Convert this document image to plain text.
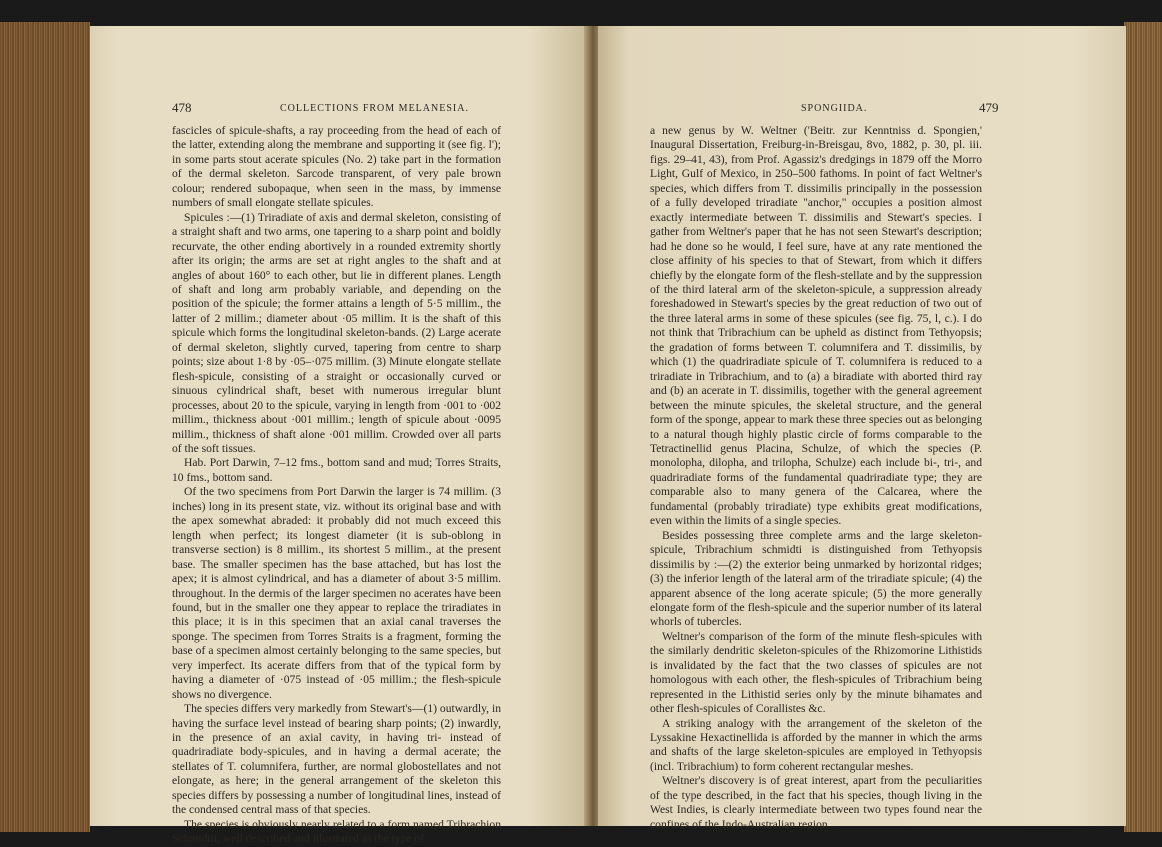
478	COLLECTIONS FROM MELANESIA.

fascicles of spicule-shafts, a ray proceeding from the head of each of the latter, extending along the membrane and supporting it (see fig. l'); in some parts stout acerate spicules (No. 2) take part in the formation of the dermal skeleton. Sarcode transparent, of very pale brown colour; rendered subopaque, when seen in the mass, by immense numbers of small elongate stellate spicules.

Spicules :—(1) Triradiate of axis and dermal skeleton, consisting of a straight shaft and two arms, one tapering to a sharp point and boldly recurvate, the other ending abortively in a rounded extremity shortly after its origin; the arms are set at right angles to the shaft and at angles of about 160° to each other, but lie in different planes. Length of shaft and long arm probably variable, and depending on the position of the spicule; the former attains a length of 5·5 millim., the latter of 2 millim.; diameter about ·05 millim. It is the shaft of this spicule which forms the longitudinal skeleton-bands. (2) Large acerate of dermal skeleton, slightly curved, tapering from centre to sharp points; size about 1·8 by ·05–·075 millim. (3) Minute elongate stellate flesh-spicule, consisting of a straight or occasionally curved or sinuous cylindrical shaft, beset with numerous irregular blunt processes, about 20 to the spicule, varying in length from ·001 to ·002 millim., thickness about ·001 millim.; length of spicule about ·0095 millim., thickness of shaft alone ·001 millim. Crowded over all parts of the soft tissues.

Hab. Port Darwin, 7–12 fms., bottom sand and mud; Torres Straits, 10 fms., bottom sand.

Of the two specimens from Port Darwin the larger is 74 millim. (3 inches) long in its present state, viz. without its original base and with the apex somewhat abraded: it probably did not much exceed this length when perfect; its longest diameter (it is sub-oblong in transverse section) is 8 millim., its shortest 5 millim., at the present base. The smaller specimen has the base attached, but has lost the apex; it is almost cylindrical, and has a diameter of about 3·5 millim. throughout. In the dermis of the larger specimen no acerates have been found, but in the smaller one they appear to replace the triradiates in this place; it is in this specimen that an axial canal traverses the sponge. The specimen from Torres Straits is a fragment, forming the base of a specimen almost certainly belonging to the same species, but very imperfect. Its acerate differs from that of the typical form by having a diameter of ·075 instead of ·05 millim.; the flesh-spicule shows no divergence.

The species differs very markedly from Stewart's—(1) outwardly, in having the surface level instead of bearing sharp points; (2) inwardly, in the presence of an axial cavity, in having tri- instead of quadriradiate body-spicules, and in having a dermal acerate; the stellates of T. columnifera, further, are normal globostellates and not elongate, as here; in the general arrangement of the skeleton this species differs by possessing a number of longitudinal lines, instead of the condensed central mass of that species.

The species is obviously nearly related to a form named Tribrachion Schmidtii, well described and illustrated as the type of

SPONGIIDA.	479

a new genus by W. Weltner ('Beitr. zur Kenntniss d. Spongien,' Inaugural Dissertation, Freiburg-in-Breisgau, 8vo, 1882, p. 30, pl. iii. figs. 29–41, 43), from Prof. Agassiz's dredgings in 1879 off the Morro Light, Gulf of Mexico, in 250–500 fathoms. In point of fact Weltner's species, which differs from T. dissimilis principally in the possession of a fully developed triradiate "anchor," occupies a position almost exactly intermediate between T. dissimilis and Stewart's species. I gather from Weltner's paper that he has not seen Stewart's description; had he done so he would, I feel sure, have at any rate mentioned the close affinity of his species to that of Stewart, from which it differs chiefly by the elongate form of the flesh-stellate and by the suppression of the third lateral arm of the skeleton-spicule, a suppression already foreshadowed in Stewart's species by the great reduction of two out of the three lateral arms in some of these spicules (see fig. 75, l, c.). I do not think that Tribrachium can be upheld as distinct from Tethyopsis; the gradation of forms between T. columnifera and T. dissimilis, by which (1) the quadriradiate spicule of T. columnifera is reduced to a triradiate in Tribrachium, and to (a) a biradiate with aborted third ray and (b) an acerate in T. dissimilis, together with the general agreement between the minute spicules, the skeletal structure, and the general form of the sponge, appear to mark these three species out as belonging to a natural though highly plastic circle of forms comparable to the Tetractinellid genus Placina, Schulze, of which the species (P. monolopha, dilopha, and trilopha, Schulze) each include bi-, tri-, and quadriradiate forms of the fundamental quadriradiate type; they are comparable also to many genera of the Calcarea, where the fundamental (probably triradiate) type exhibits great modifications, even within the limits of a single species.

Besides possessing three complete arms and the large skeleton-spicule, Tribrachium schmidti is distinguished from Tethyopsis dissimilis by :—(2) the exterior being unmarked by horizontal ridges; (3) the inferior length of the lateral arm of the triradiate spicule; (4) the apparent absence of the long acerate spicule; (5) the more generally elongate form of the flesh-spicule and the superior number of its lateral whorls of tubercles.

Weltner's comparison of the form of the minute flesh-spicules with the similarly dendritic skeleton-spicules of the Rhizomorine Lithistids is invalidated by the fact that the two classes of spicules are not homologous with each other, the flesh-spicules of Tribrachium being represented in the Lithistid series only by the minute bihamates and other flesh-spicules of Corallistes &c.

A striking analogy with the arrangement of the skeleton of the Lyssakine Hexactinellida is afforded by the manner in which the arms and shafts of the large skeleton-spicules are employed in Tethyopsis (incl. Tribrachium) to form coherent rectangular meshes.

Weltner's discovery is of great interest, apart from the peculiarities of the type described, in the fact that his species, though living in the West Indies, is clearly intermediate between two types found near the confines of the Indo-Australian region.
